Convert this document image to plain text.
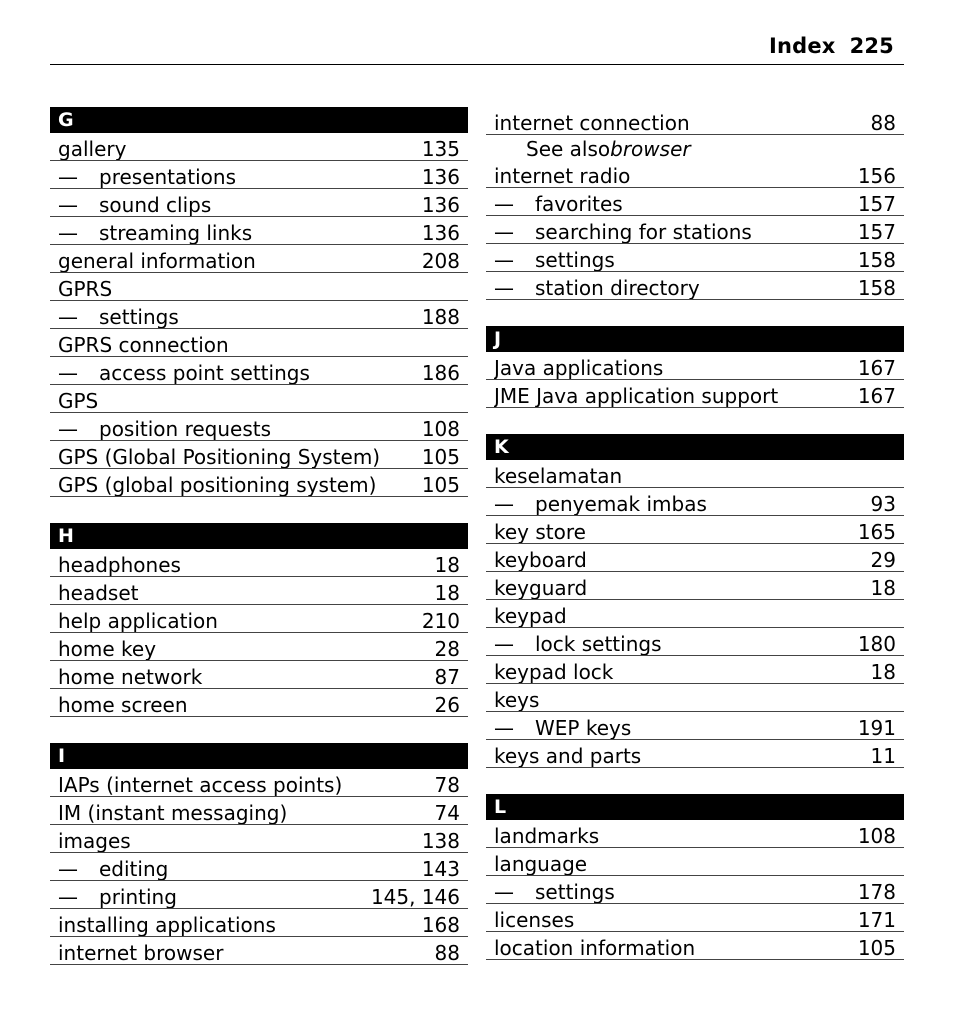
Index 225
G
gallery	135
— presentations	136
— sound clips	136
— streaming links	136
general information	208
GPRS
— settings	188
GPRS connection
— access point settings	186
GPS
— position requests	108
GPS (Global Positioning System)	105
GPS (global positioning system)	105
H
headphones	18
headset	18
help application	210
home key	28
home network	87
home screen	26
I
IAPs (internet access points)	78
IM (instant messaging)	74
images	138
— editing	143
— printing	145, 146
installing applications	168
internet browser	88
internet connection	88
See also browser
internet radio	156
— favorites	157
— searching for stations	157
— settings	158
— station directory	158
J
Java applications	167
JME Java application support	167
K
keselamatan
— penyemak imbas	93
key store	165
keyboard	29
keyguard	18
keypad
— lock settings	180
keypad lock	18
keys
— WEP keys	191
keys and parts	11
L
landmarks	108
language
— settings	178
licenses	171
location information	105
